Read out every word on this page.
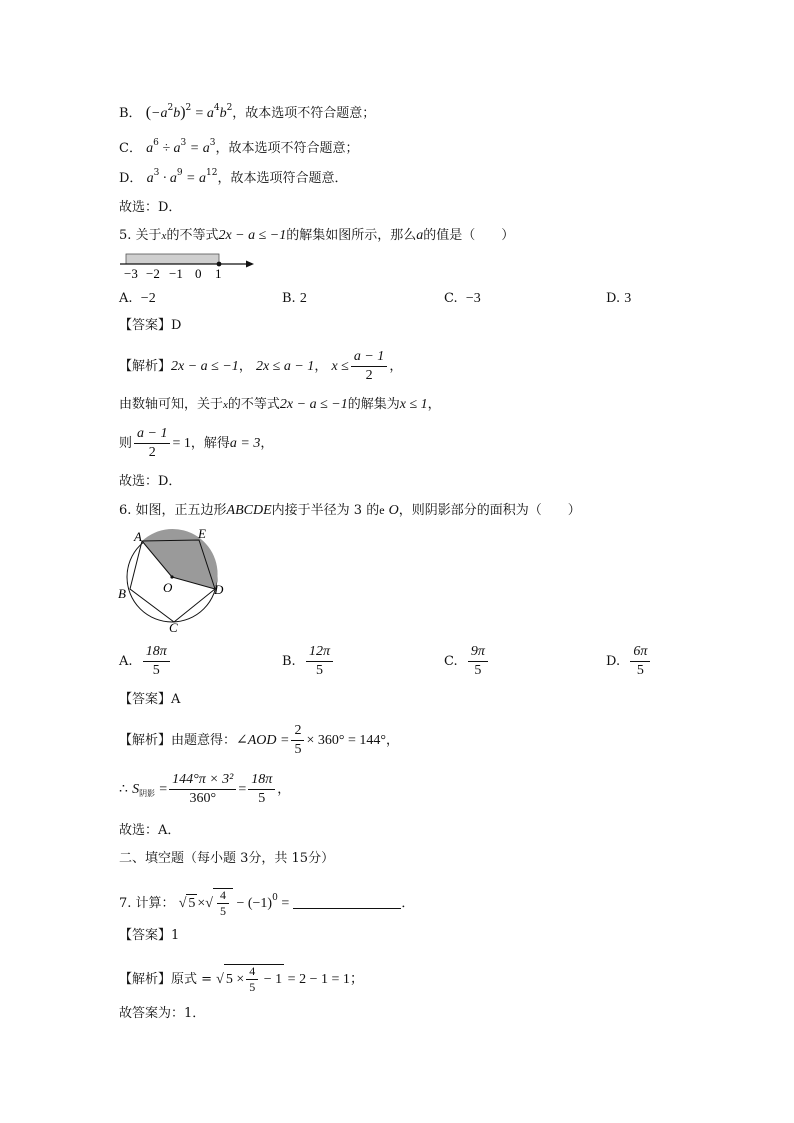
B． $(-a^2b)^2 = a^4b^2$，故本选项不符合题意；
C． $a^6 \div a^3 = a^3$，故本选项不符合题意；
D． $a^3 \cdot a^9 = a^{12}$，故本选项符合题意．
故选：D．
5. 关于x的不等式2x − a ≤ −1的解集如图所示，那么a的值是（　　）
−3 −2 −1 0 1
A. −2	B. 2	C. −3	D. 3
【答案】D
【解析】2x − a ≤ −1， 2x ≤ a − 1， $x \le \frac{a - 1}{2}$ ，
由数轴可知，关于x的不等式2x − a ≤ −1的解集为x ≤ 1，
则 $\frac{a - 1}{2} = 1$，解得a = 3，
故选：D．
6. 如图，正五边形ABCDE内接于半径为 3 的e O，则阴影部分的面积为（　　）
A	E
D
C
B	O
A. $\frac{18\pi}{5}$	B. $\frac{12\pi}{5}$	C. $\frac{9\pi}{5}$	D. $\frac{6\pi}{5}$
【答案】A
【解析】由题意得：∠AOD = $\frac{2}{5} \times 360^\circ = 144^\circ$，
∴ $S_{阴影} = \frac{\text{144°π × 3²}}{360^\circ} = \frac{18\pi}{5}$ ，
故选：A．
二、填空题（每小题 3分，共 15分）
7. 计算： √ 5 ×√ $\frac{4}{5} - (-1)^0$ =	．
【答案】1
【解析】原式 = √ $5 \times \frac{4}{5} - 1 = 2 - 1 = 1$；
故答案为：1．
